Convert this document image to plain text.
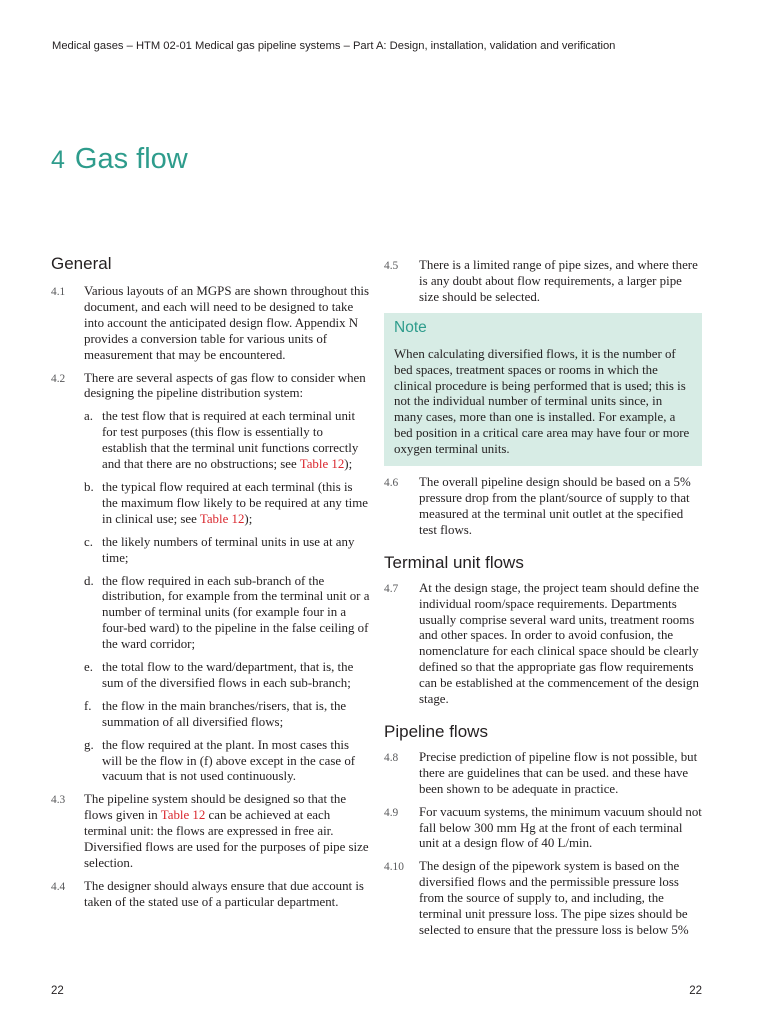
Medical gases – HTM 02-01 Medical gas pipeline systems – Part A: Design, installation, validation and verification
4 Gas flow
General
4.1 Various layouts of an MGPS are shown throughout this document, and each will need to be designed to take into account the anticipated design flow. Appendix N provides a conversion table for various units of measurement that may be encountered.
4.2 There are several aspects of gas flow to consider when designing the pipeline distribution system:
a. the test flow that is required at each terminal unit for test purposes (this flow is essentially to establish that the terminal unit functions correctly and that there are no obstructions; see Table 12);
b. the typical flow required at each terminal (this is the maximum flow likely to be required at any time in clinical use; see Table 12);
c. the likely numbers of terminal units in use at any time;
d. the flow required in each sub-branch of the distribution, for example from the terminal unit or a number of terminal units (for example four in a four-bed ward) to the pipeline in the false ceiling of the ward corridor;
e. the total flow to the ward/department, that is, the sum of the diversified flows in each sub-branch;
f. the flow in the main branches/risers, that is, the summation of all diversified flows;
g. the flow required at the plant. In most cases this will be the flow in (f) above except in the case of vacuum that is not used continuously.
4.3 The pipeline system should be designed so that the flows given in Table 12 can be achieved at each terminal unit: the flows are expressed in free air. Diversified flows are used for the purposes of pipe size selection.
4.4 The designer should always ensure that due account is taken of the stated use of a particular department.
4.5 There is a limited range of pipe sizes, and where there is any doubt about flow requirements, a larger pipe size should be selected.
Note
When calculating diversified flows, it is the number of bed spaces, treatment spaces or rooms in which the clinical procedure is being performed that is used; this is not the individual number of terminal units since, in many cases, more than one is installed. For example, a bed position in a critical care area may have four or more oxygen terminal units.
4.6 The overall pipeline design should be based on a 5% pressure drop from the plant/source of supply to that measured at the terminal unit outlet at the specified test flows.
Terminal unit flows
4.7 At the design stage, the project team should define the individual room/space requirements. Departments usually comprise several ward units, treatment rooms and other spaces. In order to avoid confusion, the nomenclature for each clinical space should be clearly defined so that the appropriate gas flow requirements can be established at the commencement of the design stage.
Pipeline flows
4.8 Precise prediction of pipeline flow is not possible, but there are guidelines that can be used. and these have been shown to be adequate in practice.
4.9 For vacuum systems, the minimum vacuum should not fall below 300 mm Hg at the front of each terminal unit at a design flow of 40 L/min.
4.10 The design of the pipework system is based on the diversified flows and the permissible pressure loss from the source of supply to, and including, the terminal unit pressure loss. The pipe sizes should be selected to ensure that the pressure loss is below 5%
22	22
